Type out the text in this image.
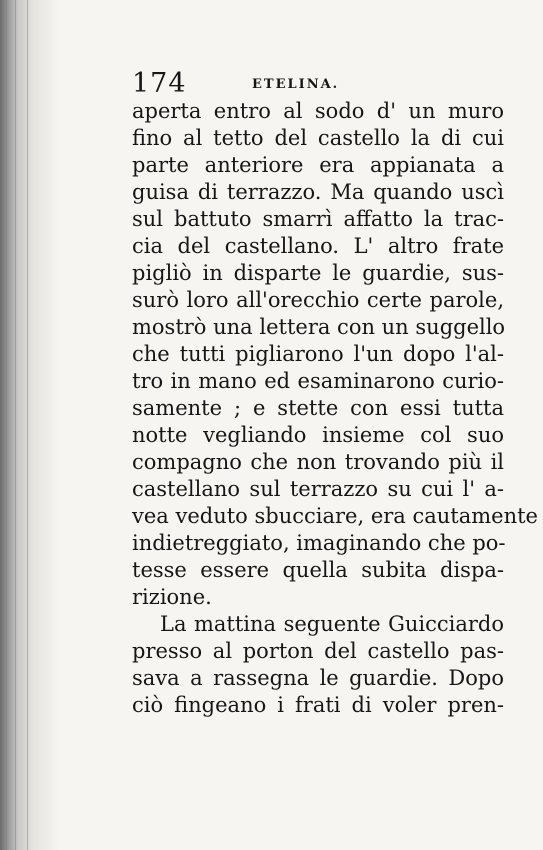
174	ETELINA.
aperta entro al sodo d' un muro
fino al tetto del castello la di cui
parte anteriore era appianata a
guisa di terrazzo. Ma quando uscì
sul battuto smarrì affatto la trac-
cia del castellano. L' altro frate
pigliò in disparte le guardie, sus-
surò loro all'orecchio certe parole,
mostrò una lettera con un suggello
che tutti pigliarono l'un dopo l'al-
tro in mano ed esaminarono curio-
samente ; e stette con essi tutta
notte vegliando insieme col suo
compagno che non trovando più il
castellano sul terrazzo su cui l' a-
vea veduto sbucciare, era cautamente
indietreggiato, imaginando che po-
tesse essere quella subita dispa-
rizione.
La mattina seguente Guicciardo
presso al porton del castello pas-
sava a rassegna le guardie. Dopo
ciò fingeano i frati di voler pren-
